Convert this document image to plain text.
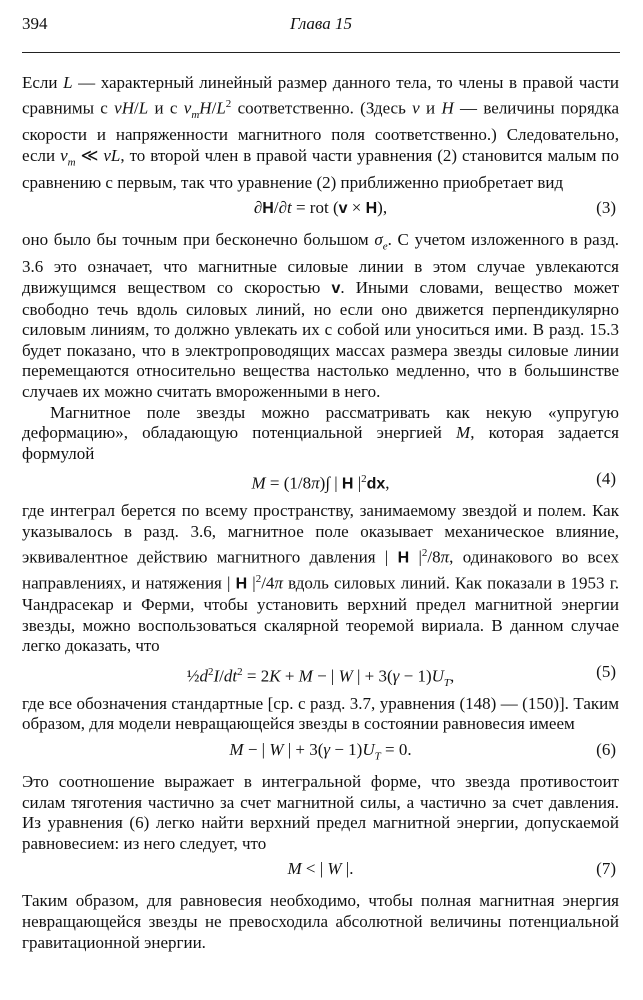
394	Глава 15

Если L — характерный линейный размер данного тела, то члены в правой части сравнимы с vH/L и с $\nu_mH/L^2$ соответственно. (Здесь v и H — величины порядка скорости и напряженности магнитного поля соответственно.) Следовательно, если $\nu_m$ ≪ vL, то второй член в правой части уравнения (2) становится малым по сравнению с первым, так что уравнение (2) приближенно приобретает вид

∂H/∂t = rot (v × H),	(3)

оно было бы точным при бесконечно большом $\sigma_e$. С учетом изложенного в разд. 3.6 это означает, что магнитные силовые линии в этом случае увлекаются движущимся веществом со скоростью v. Иными словами, вещество может свободно течь вдоль силовых линий, но если оно движется перпендикулярно силовым линиям, то должно увлекать их с собой или уноситься ими. В разд. 15.3 будет показано, что в электропроводящих массах размера звезды силовые линии перемещаются относительно вещества настолько медленно, что в большинстве случаев их можно считать вмороженными в него.

Магнитное поле звезды можно рассматривать как некую «упругую деформацию», обладающую потенциальной энергией M, которая задается формулой

M = (1/8π)∫ | H $|^2dx$,	(4)

где интеграл берется по всему пространству, занимаемому звездой и полем. Как указывалось в разд. 3.6, магнитное поле оказывает механическое влияние, эквивалентное действию магнитного давления | H $|^2/8\pi$, одинакового во всех направлениях, и натяжения | H $|^2/4\pi$ вдоль силовых линий. Как показали в 1953 г. Чандрасекар и Ферми, чтобы установить верхний предел магнитной энергии звезды, можно воспользоваться скалярной теоремой вириала. В данном случае легко доказать, что

$\frac{1}{2}d^2I/dt^2 = 2K + M$ − | W | + $3(\gamma - 1)U_T$,	(5)

где все обозначения стандартные [ср. с разд. 3.7, уравнения (148) — (150)]. Таким образом, для модели невращающейся звезды в состоянии равновесия имеем

M − | W | + $3(\gamma - 1)U_T = 0$.	(6)

Это соотношение выражает в интегральной форме, что звезда противостоит силам тяготения частично за счет магнитной силы, а частично за счет давления. Из уравнения (6) легко найти верхний предел магнитной энергии, допускаемой равновесием: из него следует, что

M < | W |.	(7)

Таким образом, для равновесия необходимо, чтобы полная магнитная энергия невращающейся звезды не превосходила абсолютной величины потенциальной гравитационной энергии.
